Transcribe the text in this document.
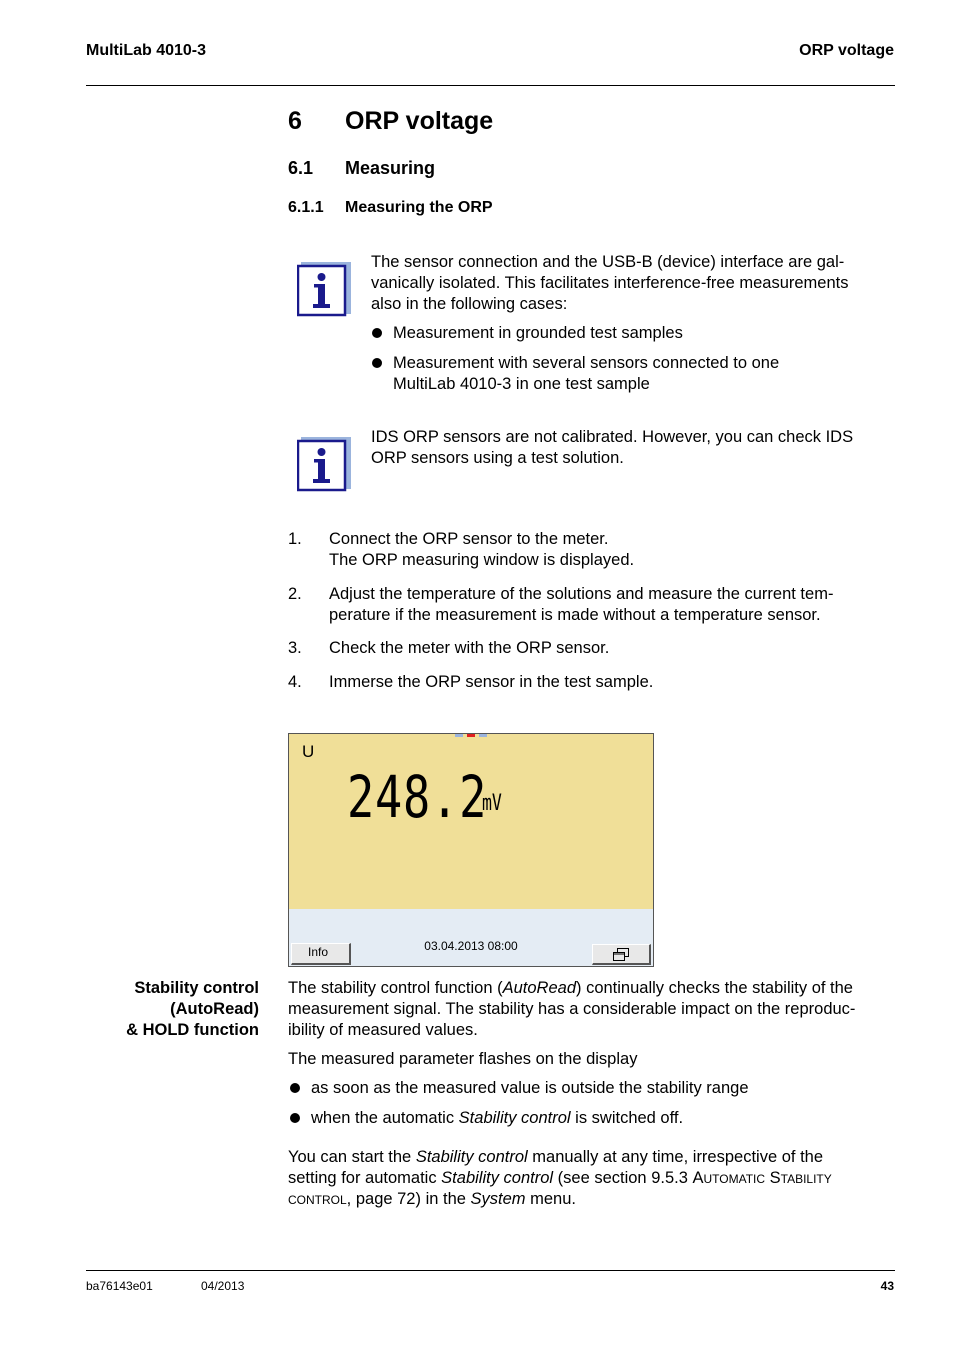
MultiLab 4010-3	ORP voltage
6 ORP voltage
6.1 Measuring
6.1.1 Measuring the ORP
The sensor connection and the USB-B (device) interface are gal-
vanically isolated. This facilitates interference-free measurements
also in the following cases:
Measurement in grounded test samples
Measurement with several sensors connected to one
MultiLab 4010-3 in one test sample
IDS ORP sensors are not calibrated. However, you can check IDS
ORP sensors using a test solution.
1. Connect the ORP sensor to the meter.
The ORP measuring window is displayed.
2. Adjust the temperature of the solutions and measure the current tem-
perature if the measurement is made without a temperature sensor.
3. Check the meter with the ORP sensor.
4. Immerse the ORP sensor in the test sample.
U
248.2
mV
03.04.2013 08:00
Info
Stability control
(AutoRead)
& HOLD function
The stability control function (AutoRead) continually checks the stability of the
measurement signal. The stability has a considerable impact on the reproduc-
ibility of measured values.
The measured parameter flashes on the display
as soon as the measured value is outside the stability range
when the automatic Stability control is switched off.
You can start the Stability control manually at any time, irrespective of the
setting for automatic Stability control (see section 9.5.3 Automatic Stability
control, page 72) in the System menu.
ba76143e01	04/2013	43
